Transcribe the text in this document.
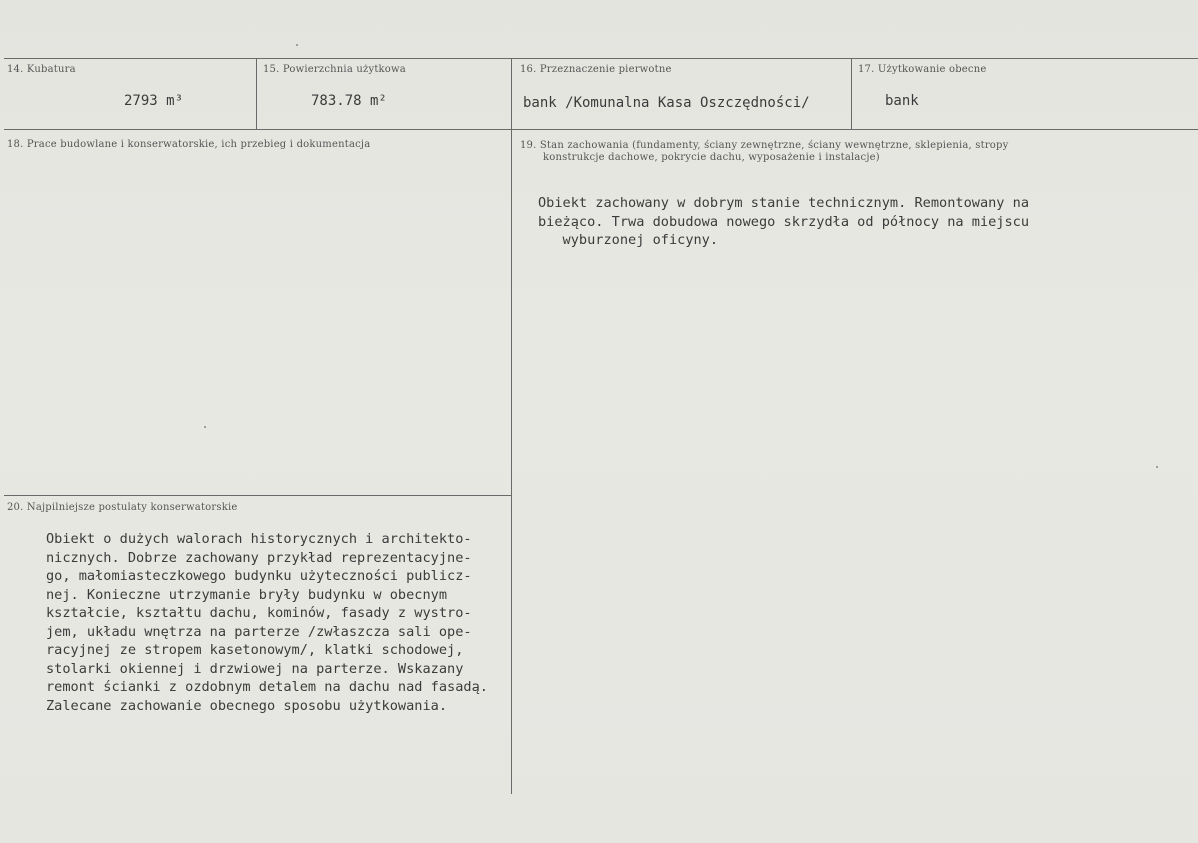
14. Kubatura
2793 m³
15. Powierzchnia użytkowa
783.78 m²
16. Przeznaczenie pierwotne
bank /Komunalna Kasa Oszczędności/
17. Użytkowanie obecne
bank
18. Prace budowlane i konserwatorskie, ich przebieg i dokumentacja	19. Stan zachowania (fundamenty, ściany zewnętrzne, ściany wewnętrzne, sklepienia, stropy
konstrukcje dachowe, pokrycie dachu, wyposażenie i instalacje)
Obiekt zachowany w dobrym stanie technicznym. Remontowany na
bieżąco. Trwa dobudowa nowego skrzydła od północy na miejscu
wyburzonej oficyny.
20. Najpilniejsze postulaty konserwatorskie
Obiekt o dużych walorach historycznych i architekto-
nicznych. Dobrze zachowany przykład reprezentacyjne-
go, małomiasteczkowego budynku użyteczności publicz-
nej. Konieczne utrzymanie bryły budynku w obecnym
kształcie, kształtu dachu, kominów, fasady z wystro-
jem, układu wnętrza na parterze /zwłaszcza sali ope-
racyjnej ze stropem kasetonowym/, klatki schodowej,
stolarki okiennej i drzwiowej na parterze. Wskazany
remont ścianki z ozdobnym detalem na dachu nad fasadą.
Zalecane zachowanie obecnego sposobu użytkowania.
